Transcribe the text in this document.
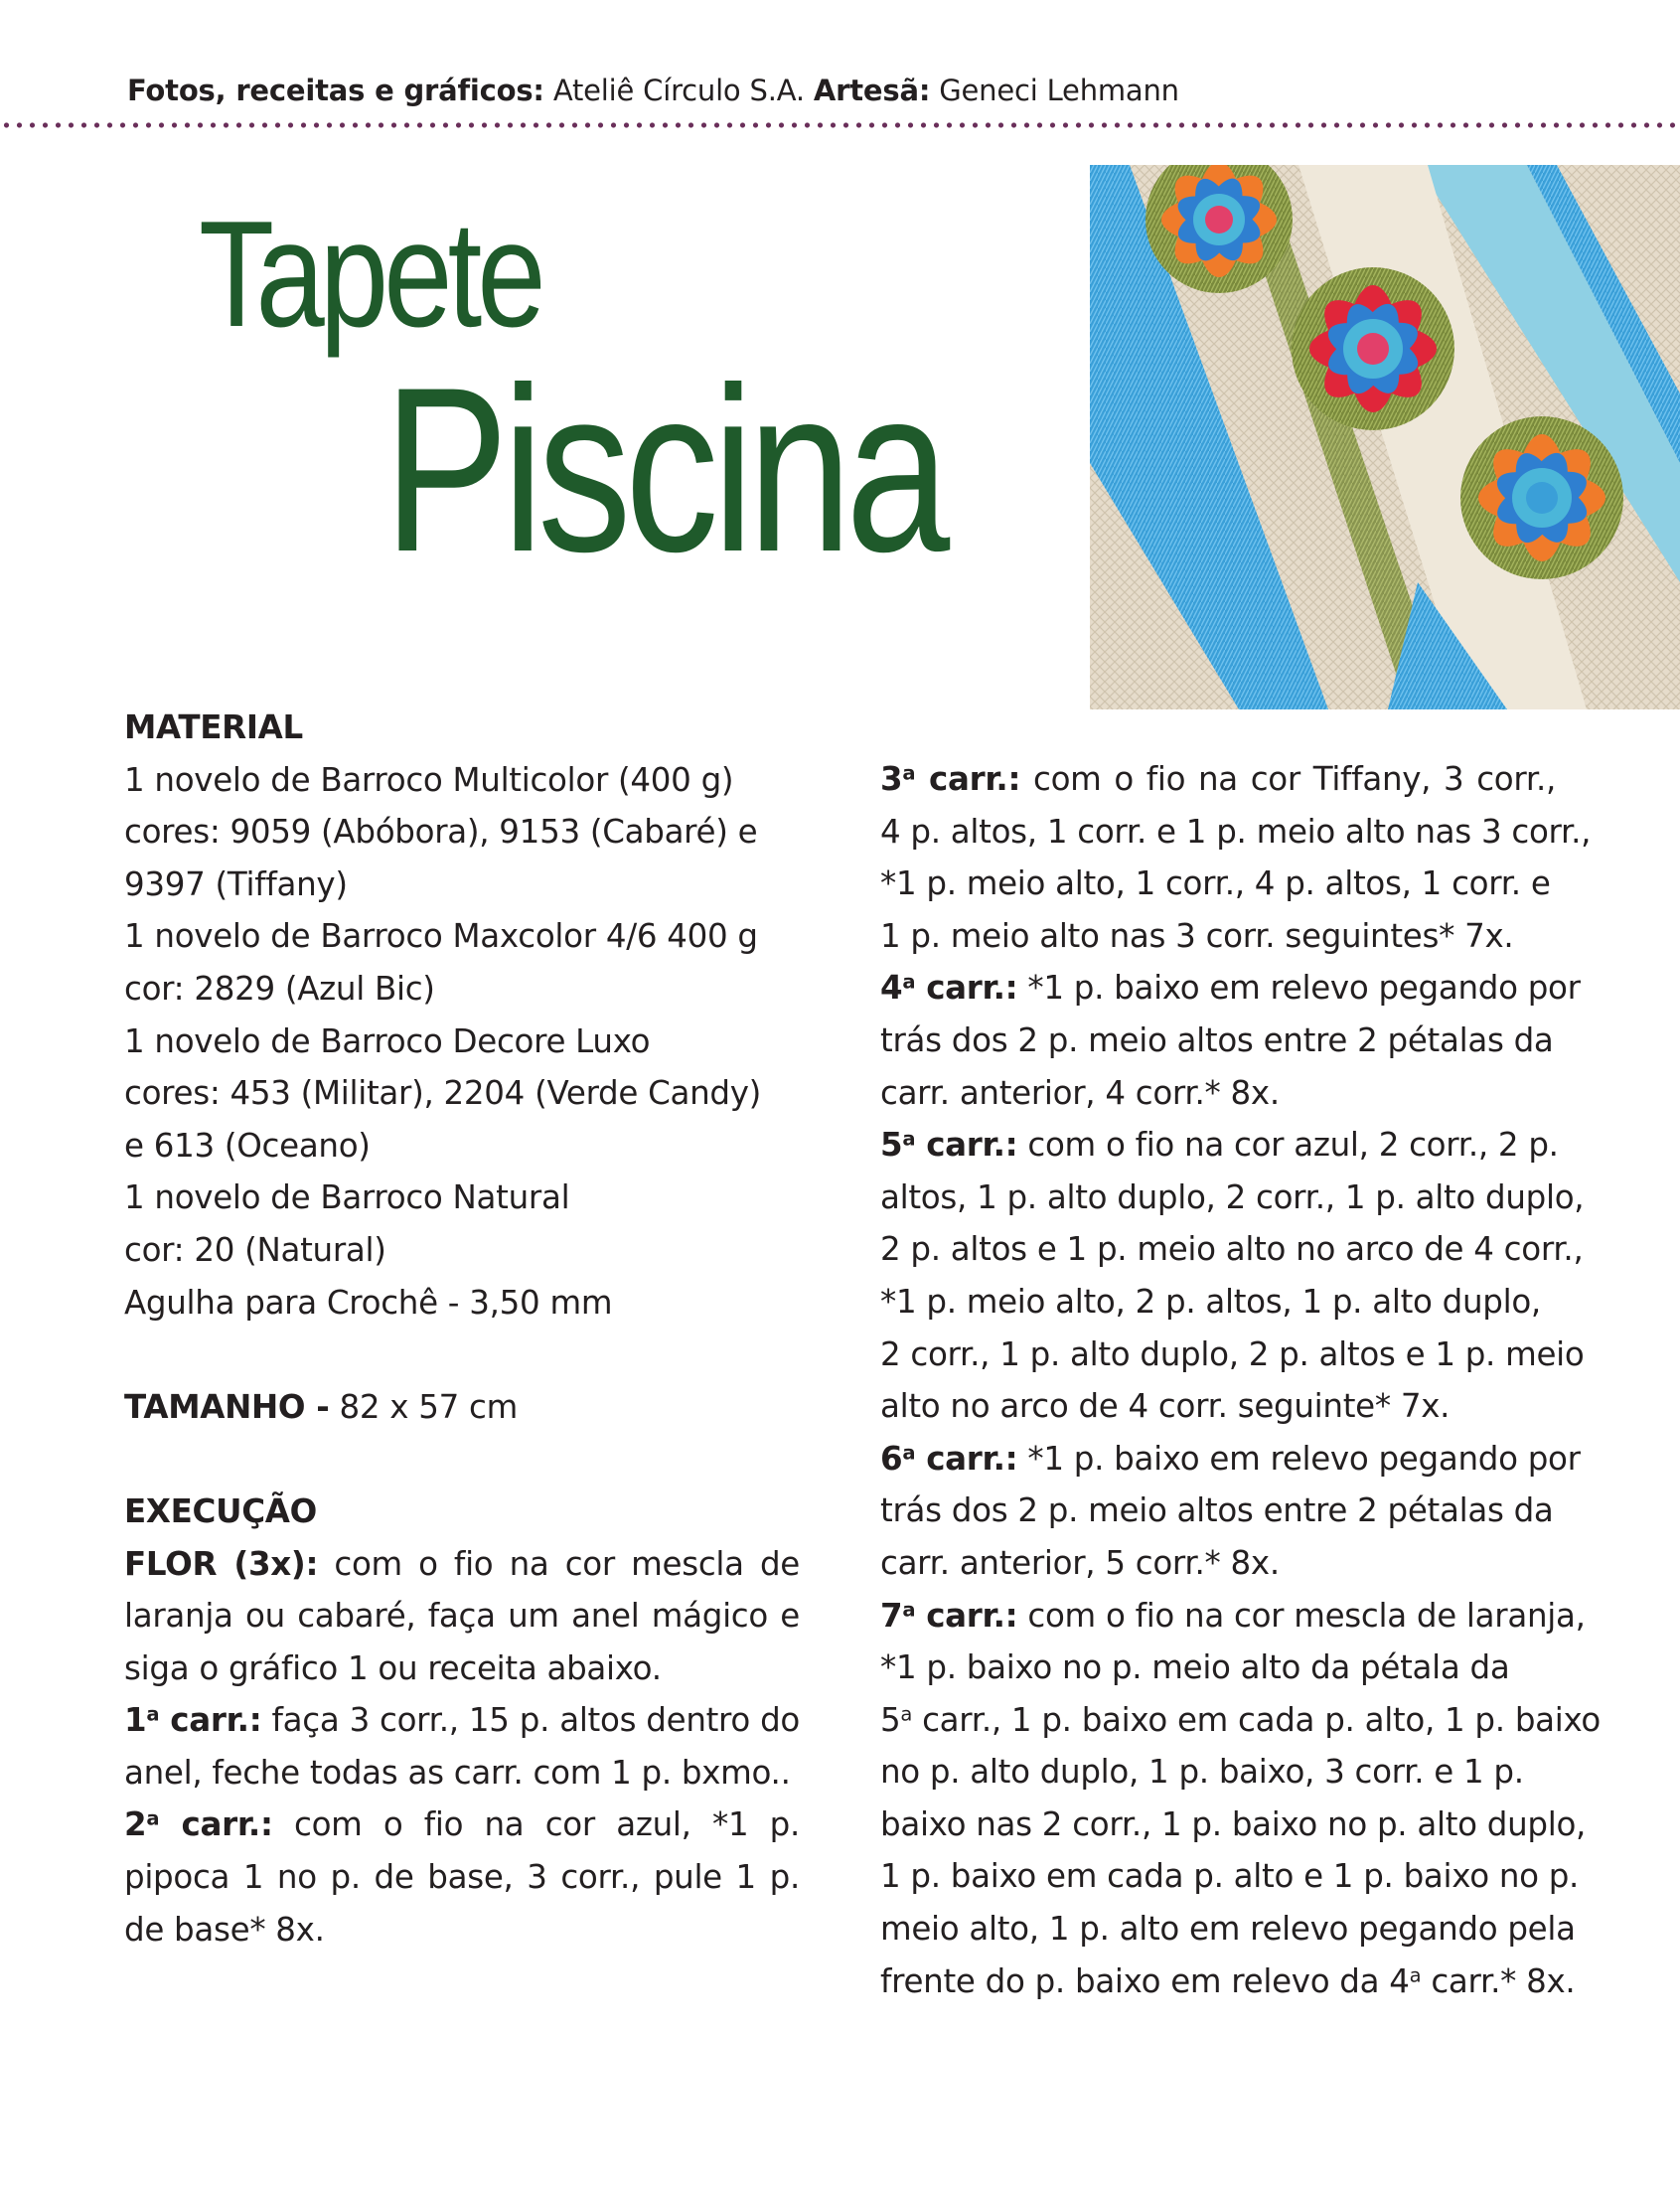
Fotos, receitas e gráficos: Ateliê Círculo S.A. Artesã: Geneci Lehmann
Tapete
Piscina
MATERIAL
1 novelo de Barroco Multicolor (400 g)
cores: 9059 (Abóbora), 9153 (Cabaré) e
9397 (Tiffany)
1 novelo de Barroco Maxcolor 4/6 400 g
cor: 2829 (Azul Bic)
1 novelo de Barroco Decore Luxo
cores: 453 (Militar), 2204 (Verde Candy)
e 613 (Oceano)
1 novelo de Barroco Natural
cor: 20 (Natural)
Agulha para Crochê - 3,50 mm
TAMANHO - 82 x 57 cm
EXECUÇÃO
FLOR (3x): com o fio na cor mescla de
laranja ou cabaré, faça um anel mágico e
siga o gráfico 1 ou receita abaixo.
1$^a$ carr.: faça 3 corr., 15 p. altos dentro do
anel, feche todas as carr. com 1 p. bxmo..
2$^a$ carr.: com o fio na cor azul, *1 p.
pipoca 1 no p. de base, 3 corr., pule 1 p.
de base* 8x.
3$^a$ carr.: com o fio na cor Tiffany, 3 corr.,
4 p. altos, 1 corr. e 1 p. meio alto nas 3 corr.,
*1 p. meio alto, 1 corr., 4 p. altos, 1 corr. e
1 p. meio alto nas 3 corr. seguintes* 7x.
4$^a$ carr.: *1 p. baixo em relevo pegando por
trás dos 2 p. meio altos entre 2 pétalas da
carr. anterior, 4 corr.* 8x.
5$^a$ carr.: com o fio na cor azul, 2 corr., 2 p.
altos, 1 p. alto duplo, 2 corr., 1 p. alto duplo,
2 p. altos e 1 p. meio alto no arco de 4 corr.,
*1 p. meio alto, 2 p. altos, 1 p. alto duplo,
2 corr., 1 p. alto duplo, 2 p. altos e 1 p. meio
alto no arco de 4 corr. seguinte* 7x.
6$^a$ carr.: *1 p. baixo em relevo pegando por
trás dos 2 p. meio altos entre 2 pétalas da
carr. anterior, 5 corr.* 8x.
7$^a$ carr.: com o fio na cor mescla de laranja,
*1 p. baixo no p. meio alto da pétala da
5$^a$ carr., 1 p. baixo em cada p. alto, 1 p. baixo
no p. alto duplo, 1 p. baixo, 3 corr. e 1 p.
baixo nas 2 corr., 1 p. baixo no p. alto duplo,
1 p. baixo em cada p. alto e 1 p. baixo no p.
meio alto, 1 p. alto em relevo pegando pela
frente do p. baixo em relevo da 4$^a$ carr.* 8x.
